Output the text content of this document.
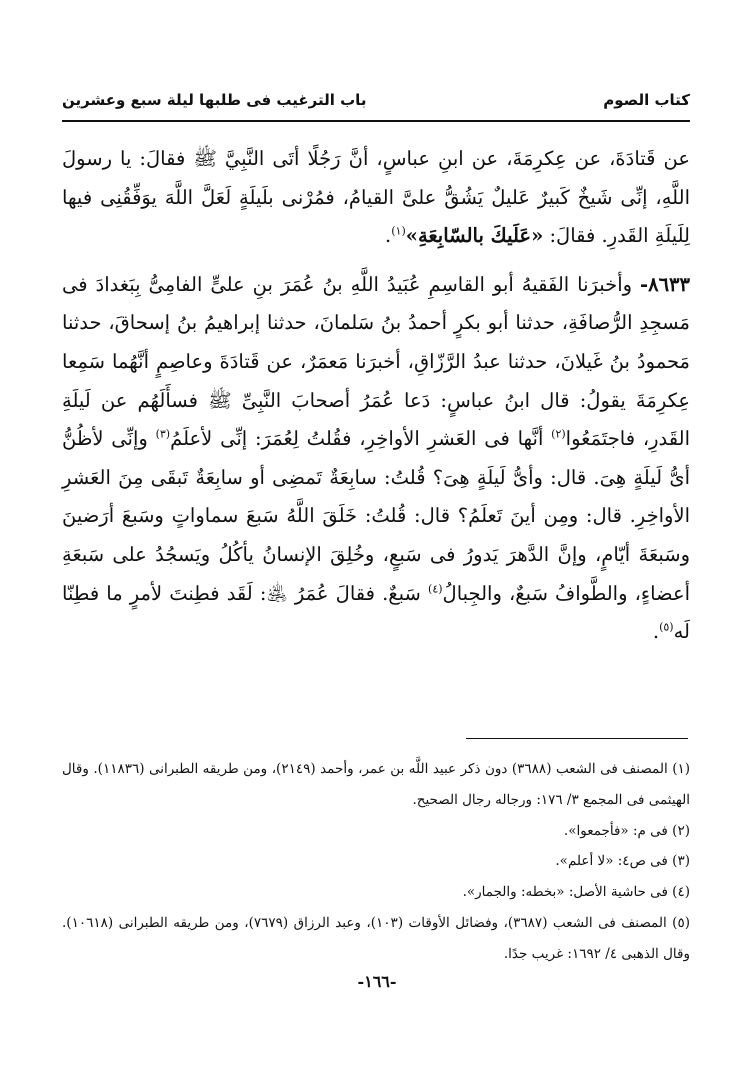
كتاب الصوم
باب الترغيب فى طلبها ليلة سبع وعشرين

عن قَتادَةَ، عن عِكرِمَةَ، عن ابنِ عباسٍ، أنَّ رَجُلًا أتَى النَّبِيَّ ﷺ فقالَ: يا رسولَ اللَّهِ، إنِّى شَيخٌ كَبيرٌ عَليلٌ يَشُقُّ علىَّ القيامُ، فمُرْنى بلَيلَةٍ لَعَلَّ اللَّهَ يوَفِّقُنِى فيها لِلَيلَةِ القَدرِ. فقالَ: «عَلَيكَ بالسّابِعَةِ»$^{(١)}$.

٨٦٣٣- وأخبرَنا الفَقيهُ أبو القاسِمِ عُبَيدُ اللَّهِ بنُ عُمَرَ بنِ علىٍّ الفامِىُّ بِبَغدادَ فى مَسجِدِ الرُّصافَةِ، حدثنا أبو بكرٍ أحمدُ بنُ سَلمانَ، حدثنا إبراهيمُ بنُ إسحاقَ، حدثنا مَحمودُ بنُ غَيلانَ، حدثنا عبدُ الرَّزّاقِ، أخبرَنا مَعمَرٌ، عن قَتادَةَ وعاصِمٍ أنَّهُما سَمِعا عِكرِمَةَ يقولُ: قال ابنُ عباسٍ: دَعا عُمَرُ أصحابَ النَّبِىِّ ﷺ فسأَلَهُم عن لَيلَةِ القَدرِ، فاجتَمَعُوا$^{(٢)}$ أنَّها فى العَشرِ الأواخِرِ، فقُلتُ لِعُمَرَ: إنِّى لأعلَمُ$^{(٣)}$ وإنِّى لأظُنُّ أىُّ لَيلَةٍ هِىَ. قال: وأىُّ لَيلَةٍ هِىَ؟ قُلتُ: سابِعَةٌ تَمضِى أو سابِعَةٌ تَبقَى مِنَ العَشرِ الأواخِرِ. قال: ومِن أينَ تَعلَمُ؟ قال: قُلتُ: خَلَقَ اللَّهُ سَبعَ سماواتٍ وسَبعَ أرَضينَ وسَبعَةَ أيّامٍ، وإنَّ الدَّهرَ يَدورُ فى سَبعٍ، وخُلِقَ الإنسانُ يأكُلُ ويَسجُدُ على سَبعَةِ أعضاءٍ، والطَّوافُ سَبعٌ، والجِبالُ$^{(٤)}$ سَبعٌ. فقالَ عُمَرُ ﵁: لَقَد فطِنتَ لأمرٍ ما فطِنّا لَه$^{(٥)}$.

(١) المصنف فى الشعب (٣٦٨٨) دون ذكر عبيد اللَّه بن عمر، وأحمد (٢١٤٩)، ومن طريقه الطبرانى (١١٨٣٦). وقال الهيثمى فى المجمع ٣/ ١٧٦: ورجاله رجال الصحيح.

(٢) فى م: «فأجمعوا».

(٣) فى ص٤: «لا أعلم».

(٤) فى حاشية الأصل: «بخطه: والجمار».

(٥) المصنف فى الشعب (٣٦٨٧)، وفضائل الأوقات (١٠٣)، وعبد الرزاق (٧٦٧٩)، ومن طريقه الطبرانى (١٠٦١٨). وقال الذهبى ٤/ ١٦٩٢: غريب جدًا.

-١٦٦-
